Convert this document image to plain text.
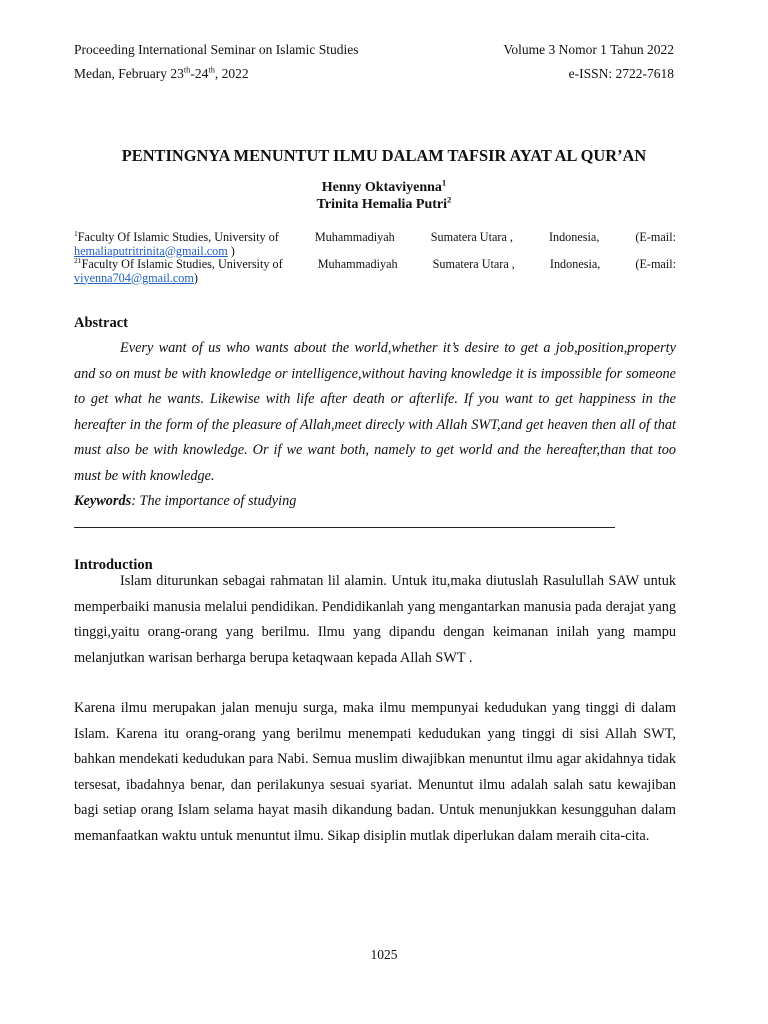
Proceeding International Seminar on Islamic Studies	Volume 3 Nomor 1 Tahun 2022
Medan, February 23th-24th, 2022	e-ISSN: 2722-7618
PENTINGNYA MENUNTUT ILMU DALAM TAFSIR AYAT AL QUR’AN
Henny Oktaviyenna$^1$
Trinita Hemalia Putri$^2$
$^1$Faculty Of Islamic Studies, University of	Muhammadiyah	Sumatera Utara ,	Indonesia,	(E-mail:
hemaliaputritrinita@gmail.com )
$^{21}$Faculty Of Islamic Studies, University of	Muhammadiyah	Sumatera Utara ,	Indonesia,	(E-mail:
viyenna704@gmail.com)
Abstract
Every want of us who wants about the world,whether it’s desire to get a job,position,property and so on must be with knowledge or intelligence,without having knowledge it is impossible for someone to get what he wants. Likewise with life after death or afterlife. If you want to get happiness in the hereafter in the form of the pleasure of Allah,meet direcly with Allah SWT,and get heaven then all of that must also be with knowledge. Or if we want both, namely to get world and the hereafter,than that too must be with knowledge.
Keywords: The importance of studying
Introduction
Islam diturunkan sebagai rahmatan lil alamin. Untuk itu,maka diutuslah Rasulullah SAW untuk memperbaiki manusia melalui pendidikan. Pendidikanlah yang mengantarkan manusia pada derajat yang tinggi,yaitu orang-orang yang berilmu. Ilmu yang dipandu dengan keimanan inilah yang mampu melanjutkan warisan berharga berupa ketaqwaan kepada Allah SWT .
Karena ilmu merupakan jalan menuju surga, maka ilmu mempunyai kedudukan yang tinggi di dalam Islam. Karena itu orang-orang yang berilmu menempati kedudukan yang tinggi di sisi Allah SWT, bahkan mendekati kedudukan para Nabi. Semua muslim diwajibkan menuntut ilmu agar akidahnya tidak tersesat, ibadahnya benar, dan perilakunya sesuai syariat. Menuntut ilmu adalah salah satu kewajiban bagi setiap orang Islam selama hayat masih dikandung badan. Untuk menunjukkan kesungguhan dalam memanfaatkan waktu untuk menuntut ilmu. Sikap disiplin mutlak diperlukan dalam meraih cita-cita.
1025
